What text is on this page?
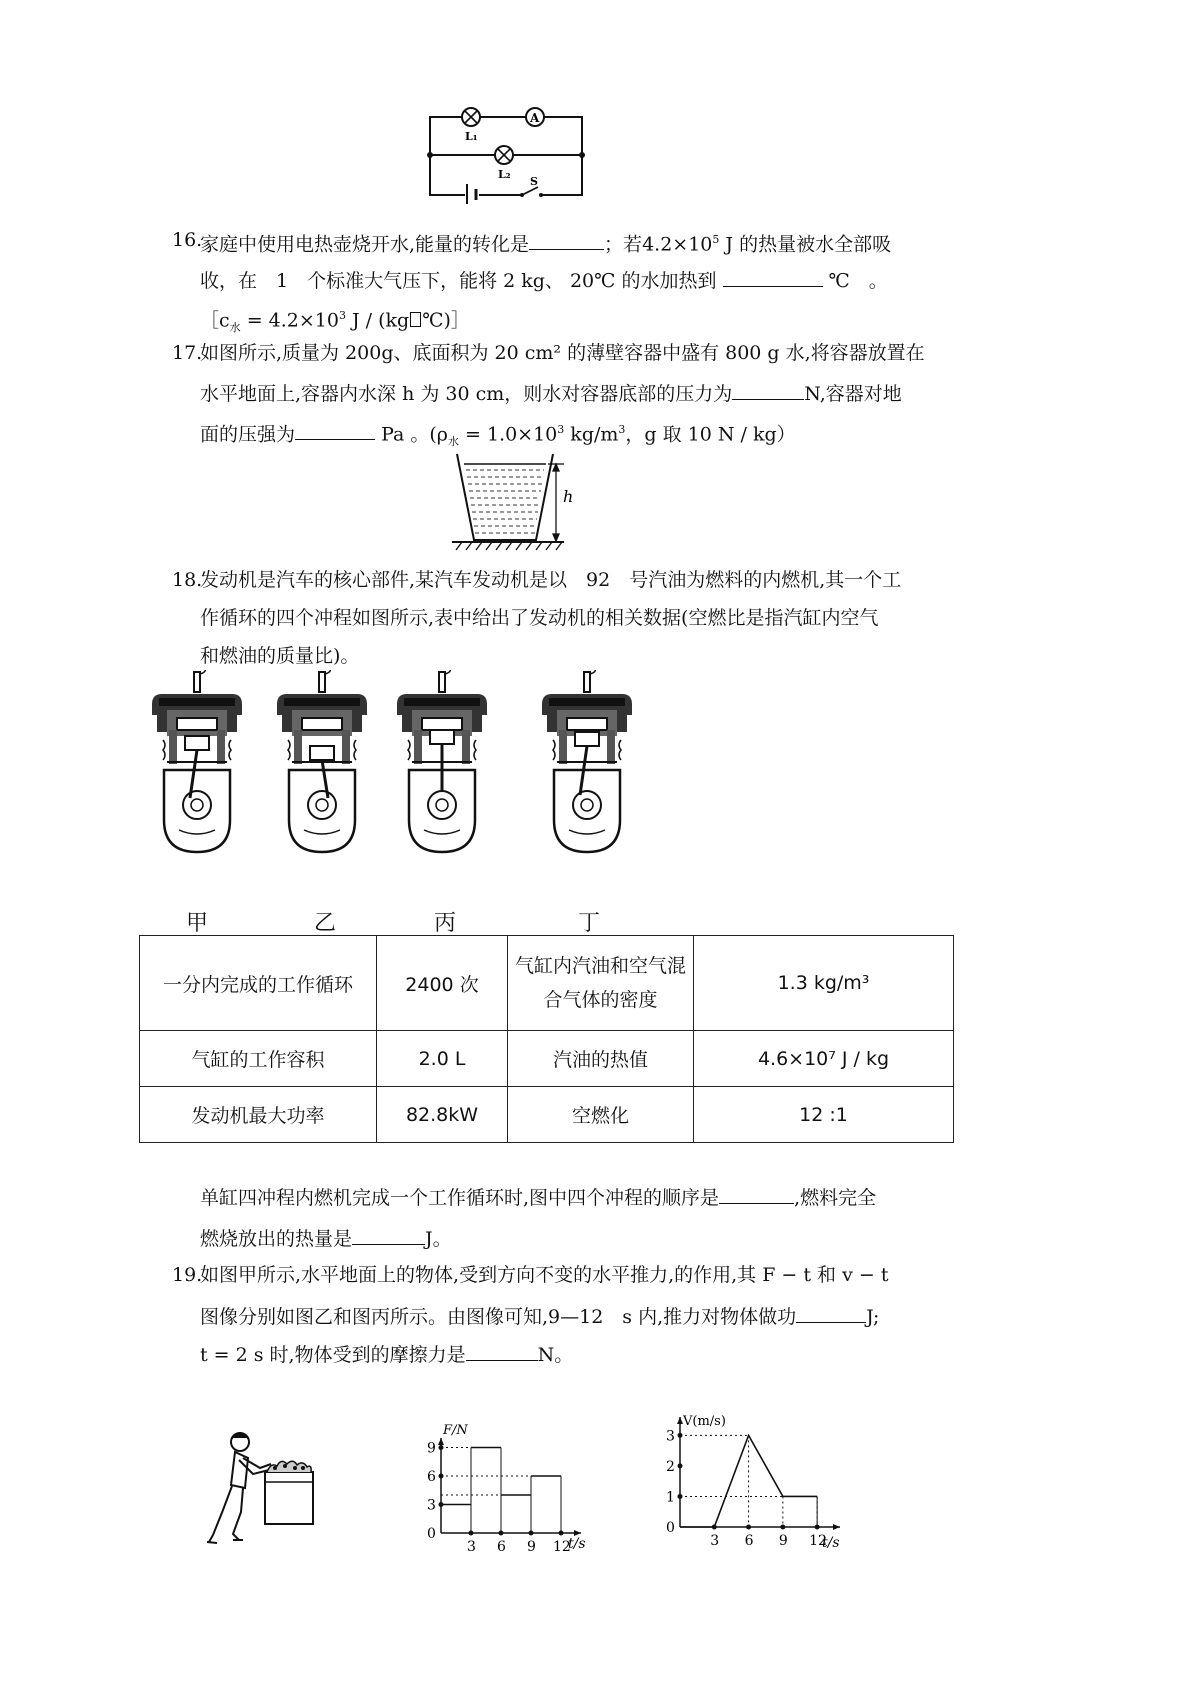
L₁
A
L₂
S
16.
家庭中使用电热壶烧开水,能量的转化是	；若$4.2\times 10^5$ J 的热量被水全部吸
收，在　1　个标准大气压下，能将 2 kg、 20℃ 的水加热到	℃　。
$[c_水 = 4.2\times 10^3$ J / (kg ℃)］
17.
如图所示,质量为 200g、底面积为 20 cm² 的薄壁容器中盛有 800 g 水,将容器放置在
水平地面上,容器内水深 h 为 30 cm，则水对容器底部的压力为	N,容器对地
面的压强为	Pa 。($\rho_水 = 1.0\times 10^3$ $kg/m^3$，g 取 10 N / kg）
h
18.
发动机是汽车的核心部件,某汽车发动机是以　92　号汽油为燃料的内燃机,其一个工
作循环的四个冲程如图所示,表中给出了发动机的相关数据(空燃比是指汽缸内空气
和燃油的质量比)。
甲	乙	丙	丁
一分内完成的工作循环	2400 次	气缸内汽油和空气混合气体的密度	1.3 kg/m³
气缸的工作容积	2.0 L	汽油的热值	4.6×10⁷ J / kg
发动机最大功率	82.8kW	空燃化	12 :1
单缸四冲程内燃机完成一个工作循环时,图中四个冲程的顺序是	,燃料完全
燃烧放出的热量是	J。
19.
如图甲所示,水平地面上的物体,受到方向不变的水平推力,的作用,其 F − t 和 v − t
图像分别如图乙和图丙所示。由图像可知,9—12　s 内,推力对物体做功	J;
t = 2 s 时,物体受到的摩擦力是	N。
3 6 9 12
0
3
6
9
F/N
t/s	3 6 9 12
0
1
2
3
V(m/s)
t/s
